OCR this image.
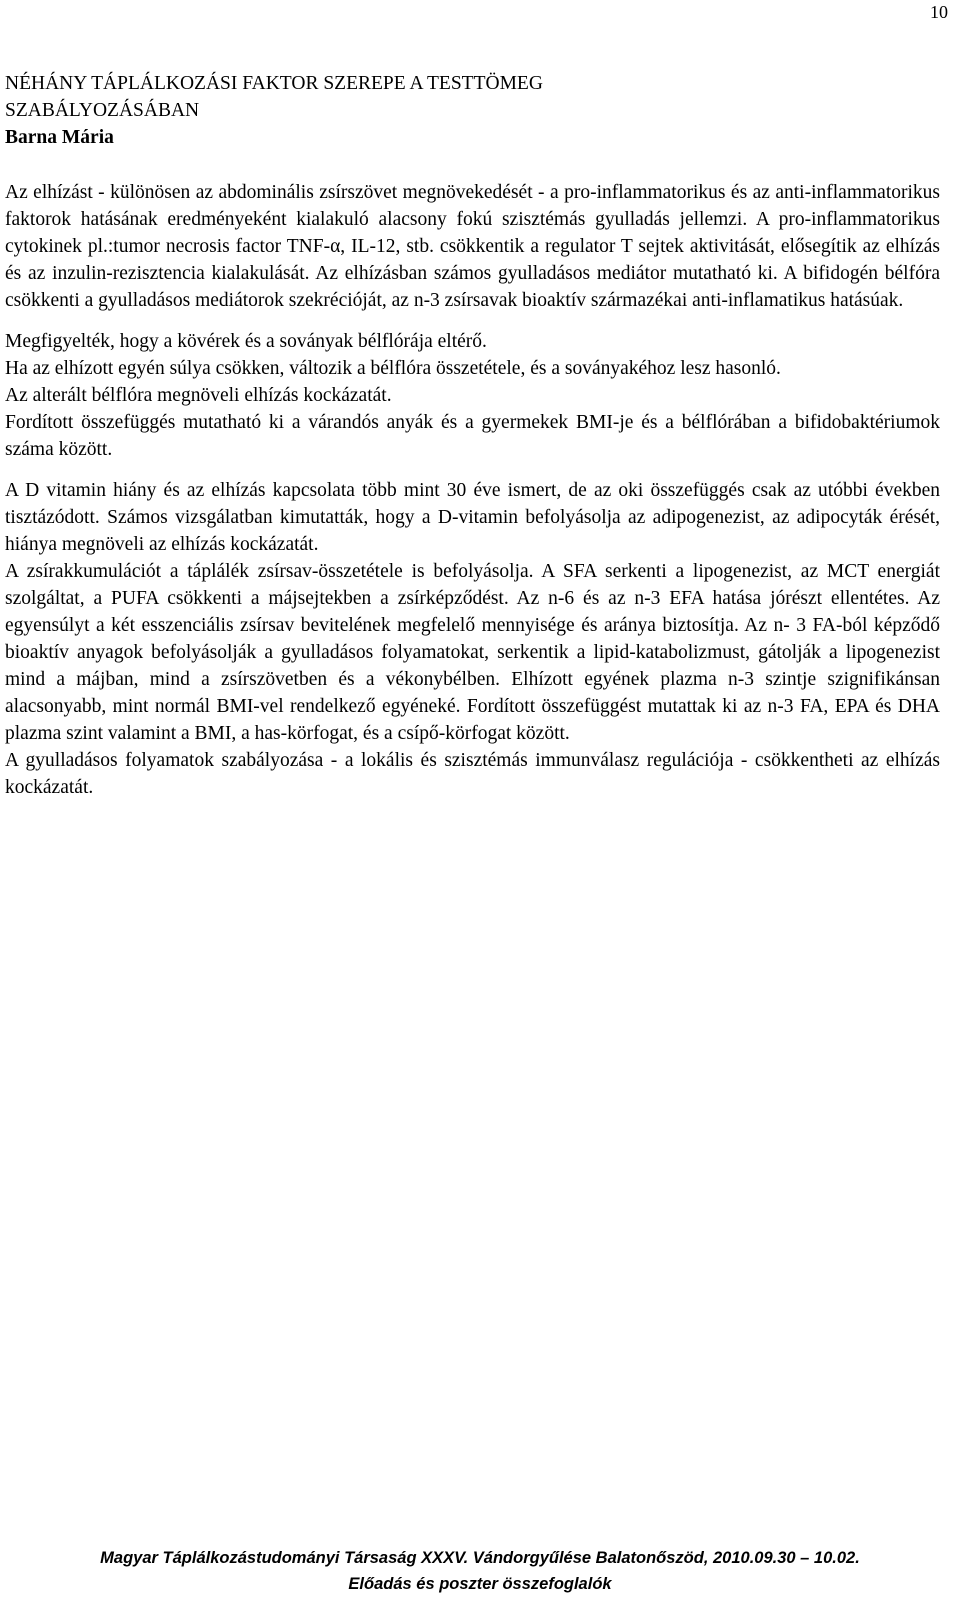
10
NÉHÁNY TÁPLÁLKOZÁSI FAKTOR SZEREPE A TESTTÖMEG
SZABÁLYOZÁSÁBAN
Barna Mária

Az elhízást - különösen az abdominális zsírszövet megnövekedését - a pro-inflammatorikus és az anti-inflammatorikus faktorok hatásának eredményeként kialakuló alacsony fokú szisztémás gyulladás jellemzi. A pro-inflammatorikus cytokinek pl.:tumor necrosis factor TNF-α, IL-12, stb. csökkentik a regulator T sejtek aktivitását, elősegítik az elhízás és az inzulin-rezisztencia kialakulását. Az elhízásban számos gyulladásos mediátor mutatható ki. A bifidogén bélfóra csökkenti a gyulladásos mediátorok szekrécióját, az n-3 zsírsavak bioaktív származékai anti-inflamatikus hatásúak.

Megfigyelték, hogy a kövérek és a soványak bélflórája eltérő.

Ha az elhízott egyén súlya csökken, változik a bélflóra összetétele, és a soványakéhoz lesz hasonló.

Az alterált bélflóra megnöveli elhízás kockázatát.

Fordított összefüggés mutatható ki a várandós anyák és a gyermekek BMI-je és a bélflórában a bifidobaktériumok száma között.

A D vitamin hiány és az elhízás kapcsolata több mint 30 éve ismert, de az oki összefüggés csak az utóbbi években tisztázódott. Számos vizsgálatban kimutatták, hogy a D-vitamin befolyásolja az adipogenezist, az adipocyták érését, hiánya megnöveli az elhízás kockázatát.

A zsírakkumulációt a táplálék zsírsav-összetétele is befolyásolja. A SFA serkenti a lipogenezist, az MCT energiát szolgáltat, a PUFA csökkenti a májsejtekben a zsírképződést. Az n-6 és az n-3 EFA hatása jórészt ellentétes. Az egyensúlyt a két esszenciális zsírsav bevitelének megfelelő mennyisége és aránya biztosítja. Az n- 3 FA-ból képződő bioaktív anyagok befolyásolják a gyulladásos folyamatokat, serkentik a lipid-katabolizmust, gátolják a lipogenezist mind a májban, mind a zsírszövetben és a vékonybélben. Elhízott egyének plazma n-3 szintje szignifikánsan alacsonyabb, mint normál BMI-vel rendelkező egyéneké. Fordított összefüggést mutattak ki az n-3 FA, EPA és DHA plazma szint valamint a BMI, a has-körfogat, és a csípő-körfogat között.

A gyulladásos folyamatok szabályozása - a lokális és szisztémás immunválasz regulációja - csökkentheti az elhízás kockázatát.

Magyar Táplálkozástudományi Társaság XXXV. Vándorgyűlése Balatonőszöd, 2010.09.30 – 10.02.
Előadás és poszter összefoglalók
